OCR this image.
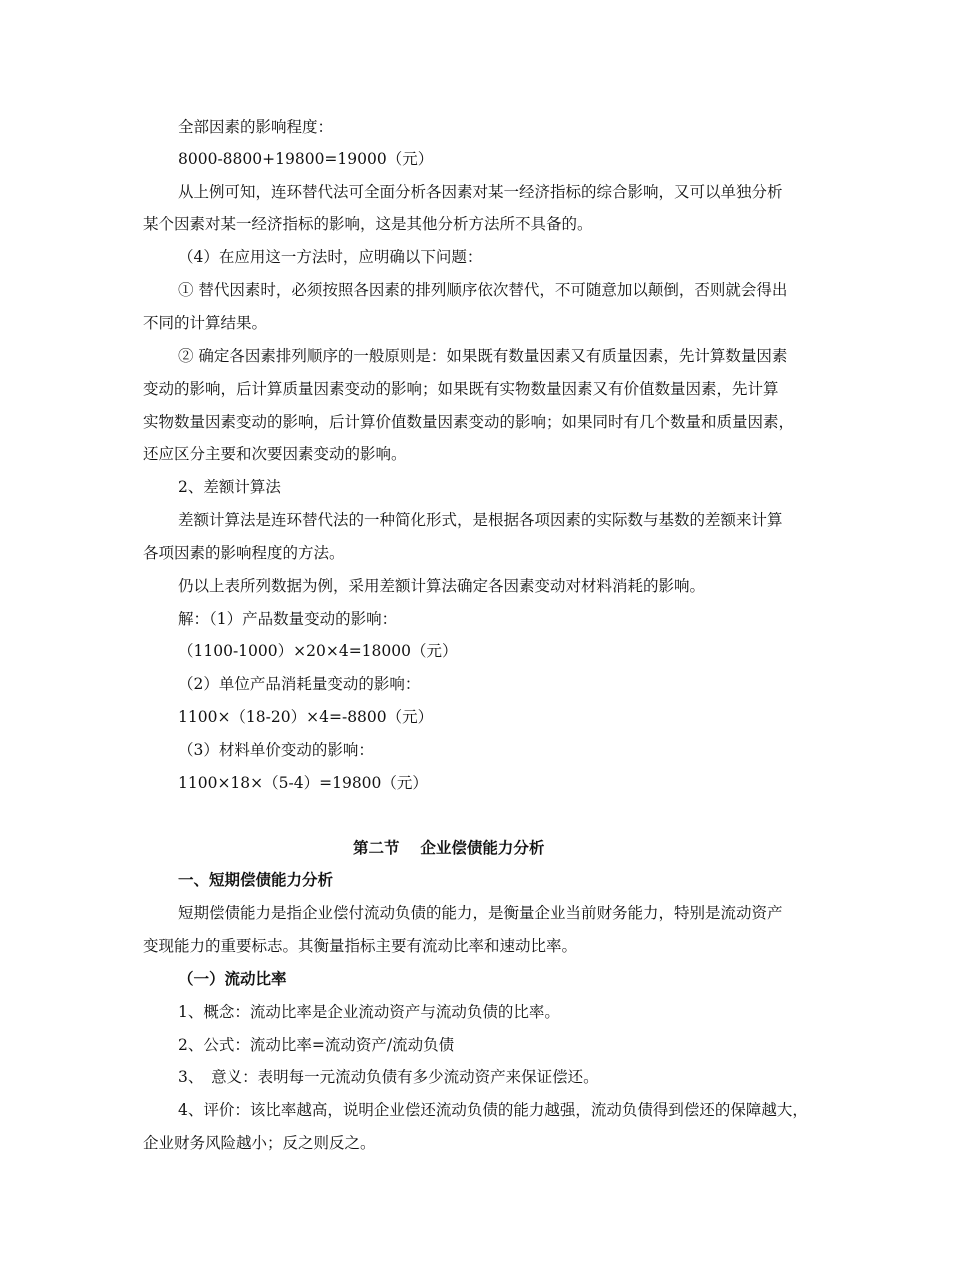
全部因素的影响程度：
8000-8800+19800=19000（元）
从上例可知，连环替代法可全面分析各因素对某一经济指标的综合影响，又可以单独分析
某个因素对某一经济指标的影响，这是其他分析方法所不具备的。
（4）在应用这一方法时，应明确以下问题：
① 替代因素时，必须按照各因素的排列顺序依次替代，不可随意加以颠倒，否则就会得出
不同的计算结果。
② 确定各因素排列顺序的一般原则是：如果既有数量因素又有质量因素，先计算数量因素
变动的影响，后计算质量因素变动的影响；如果既有实物数量因素又有价值数量因素，先计算
实物数量因素变动的影响，后计算价值数量因素变动的影响；如果同时有几个数量和质量因素，
还应区分主要和次要因素变动的影响。
2、差额计算法
差额计算法是连环替代法的一种简化形式，是根据各项因素的实际数与基数的差额来计算
各项因素的影响程度的方法。
仍以上表所列数据为例，采用差额计算法确定各因素变动对材料消耗的影响。
解：（1）产品数量变动的影响：
（1100-1000）×20×4=18000（元）
（2）单位产品消耗量变动的影响：
1100×（18-20）×4=-8800（元）
（3）材料单价变动的影响：
1100×18×（5-4）=19800（元）
第二节　 企业偿债能力分析
一、短期偿债能力分析
短期偿债能力是指企业偿付流动负债的能力，是衡量企业当前财务能力，特别是流动资产
变现能力的重要标志。其衡量指标主要有流动比率和速动比率。
（一）流动比率
1、概念：流动比率是企业流动资产与流动负债的比率。
2、公式：流动比率=流动资产/流动负债
3、　意义：表明每一元流动负债有多少流动资产来保证偿还。
4、评价：该比率越高，说明企业偿还流动负债的能力越强，流动负债得到偿还的保障越大，
企业财务风险越小；反之则反之。
